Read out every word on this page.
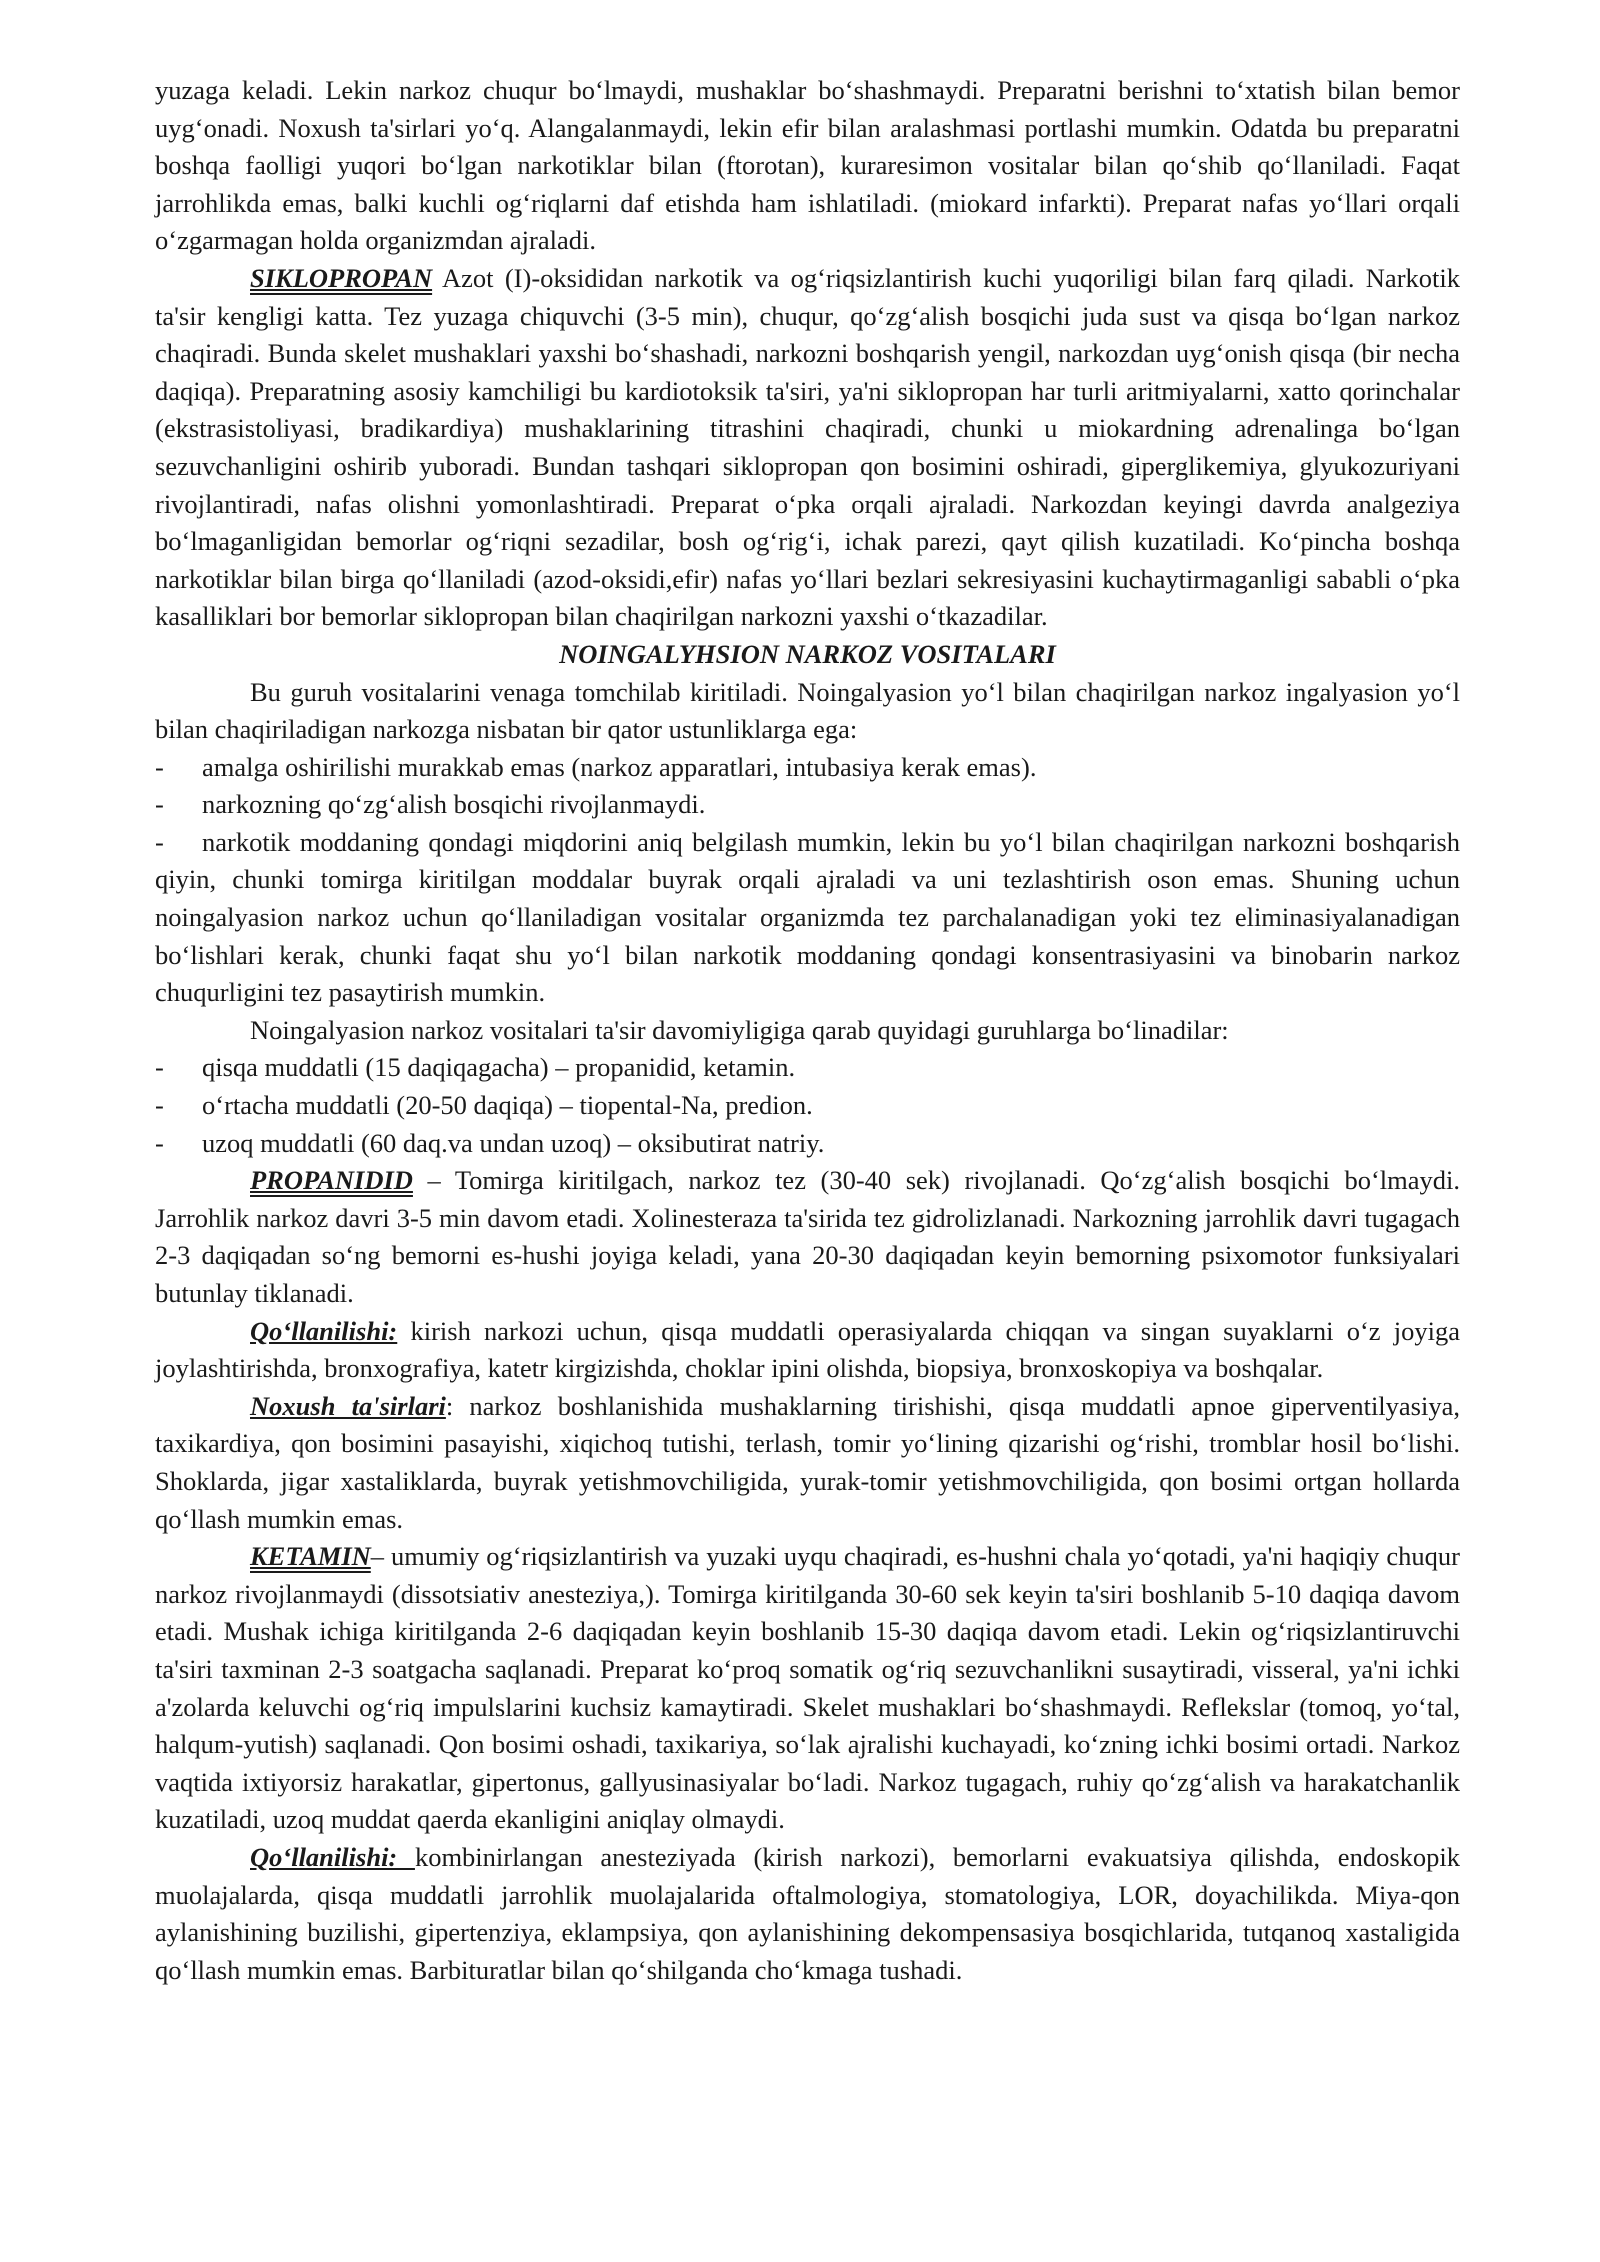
yuzaga keladi. Lekin narkoz chuqur bo‘lmaydi, mushaklar bo‘shashmaydi. Preparatni berishni to‘xtatish bilan bemor uyg‘onadi. Noxush ta'sirlari yo‘q. Alangalanmaydi, lekin efir bilan aralashmasi portlashi mumkin. Odatda bu preparatni boshqa faolligi yuqori bo‘lgan narkotiklar bilan (ftorotan), kuraresimon vositalar bilan qo‘shib qo‘llaniladi. Faqat jarrohlikda emas, balki kuchli og‘riqlarni daf etishda ham ishlatiladi. (miokard infarkti). Preparat nafas yo‘llari orqali o‘zgarmagan holda organizmdan ajraladi.

SIKLOPROPAN Azot (I)-oksididan narkotik va og‘riqsizlantirish kuchi yuqoriligi bilan farq qiladi. Narkotik ta'sir kengligi katta. Tez yuzaga chiquvchi (3-5 min), chuqur, qo‘zg‘alish bosqichi juda sust va qisqa bo‘lgan narkoz chaqiradi. Bunda skelet mushaklari yaxshi bo‘shashadi, narkozni boshqarish yengil, narkozdan uyg‘onish qisqa (bir necha daqiqa). Preparatning asosiy kamchiligi bu kardiotoksik ta'siri, ya'ni siklopropan har turli aritmiyalarni, xatto qorinchalar (ekstrasistoliyasi, bradikardiya) mushaklarining titrashini chaqiradi, chunki u miokardning adrenalinga bo‘lgan sezuvchanligini oshirib yuboradi. Bundan tashqari siklopropan qon bosimini oshiradi, giperglikemiya, glyukozuriyani rivojlantiradi, nafas olishni yomonlashtiradi. Preparat o‘pka orqali ajraladi. Narkozdan keyingi davrda analgeziya bo‘lmaganligidan bemorlar og‘riqni sezadilar, bosh og‘rig‘i, ichak parezi, qayt qilish kuzatiladi. Ko‘pincha boshqa narkotiklar bilan birga qo‘llaniladi (azod-oksidi,efir) nafas yo‘llari bezlari sekresiyasini kuchaytirmaganligi sababli o‘pka kasalliklari bor bemorlar siklopropan bilan chaqirilgan narkozni yaxshi o‘tkazadilar.

NOINGALYHSION NARKOZ VOSITALARI

Bu guruh vositalarini venaga tomchilab kiritiladi. Noingalyasion yo‘l bilan chaqirilgan narkoz ingalyasion yo‘l bilan chaqiriladigan narkozga nisbatan bir qator ustunliklarga ega:

- amalga oshirilishi murakkab emas (narkoz apparatlari, intubasiya kerak emas).

- narkozning qo‘zg‘alish bosqichi rivojlanmaydi.

- narkotik moddaning qondagi miqdorini aniq belgilash mumkin, lekin bu yo‘l bilan chaqirilgan narkozni boshqarish qiyin, chunki tomirga kiritilgan moddalar buyrak orqali ajraladi va uni tezlashtirish oson emas. Shuning uchun noingalyasion narkoz uchun qo‘llaniladigan vositalar organizmda tez parchalanadigan yoki tez eliminasiyalanadigan bo‘lishlari kerak, chunki faqat shu yo‘l bilan narkotik moddaning qondagi konsentrasiyasini va binobarin narkoz chuqurligini tez pasaytirish mumkin.

Noingalyasion narkoz vositalari ta'sir davomiyligiga qarab quyidagi guruhlarga bo‘linadilar:

- qisqa muddatli (15 daqiqagacha) – propanidid, ketamin.

- o‘rtacha muddatli (20-50 daqiqa) – tiopental-Na, predion.

- uzoq muddatli (60 daq.va undan uzoq) – oksibutirat natriy.

PROPANIDID – Tomirga kiritilgach, narkoz tez (30-40 sek) rivojlanadi. Qo‘zg‘alish bosqichi bo‘lmaydi. Jarrohlik narkoz davri 3-5 min davom etadi. Xolinesteraza ta'sirida tez gidrolizlanadi. Narkozning jarrohlik davri tugagach 2-3 daqiqadan so‘ng bemorni es-hushi joyiga keladi, yana 20-30 daqiqadan keyin bemorning psixomotor funksiyalari butunlay tiklanadi.

Qo‘llanilishi: kirish narkozi uchun, qisqa muddatli operasiyalarda chiqqan va singan suyaklarni o‘z joyiga joylashtirishda, bronxografiya, katetr kirgizishda, choklar ipini olishda, biopsiya, bronxoskopiya va boshqalar.

Noxush ta'sirlari: narkoz boshlanishida mushaklarning tirishishi, qisqa muddatli apnoe giperventilyasiya, taxikardiya, qon bosimini pasayishi, xiqichoq tutishi, terlash, tomir yo‘lining qizarishi og‘rishi, tromblar hosil bo‘lishi. Shoklarda, jigar xastaliklarda, buyrak yetishmovchiligida, yurak-tomir yetishmovchiligida, qon bosimi ortgan hollarda qo‘llash mumkin emas.

KETAMIN– umumiy og‘riqsizlantirish va yuzaki uyqu chaqiradi, es-hushni chala yo‘qotadi, ya'ni haqiqiy chuqur narkoz rivojlanmaydi (dissotsiativ anesteziya,). Tomirga kiritilganda 30-60 sek keyin ta'siri boshlanib 5-10 daqiqa davom etadi. Mushak ichiga kiritilganda 2-6 daqiqadan keyin boshlanib 15-30 daqiqa davom etadi. Lekin og‘riqsizlantiruvchi ta'siri taxminan 2-3 soatgacha saqlanadi. Preparat ko‘proq somatik og‘riq sezuvchanlikni susaytiradi, visseral, ya'ni ichki a'zolarda keluvchi og‘riq impulslarini kuchsiz kamaytiradi. Skelet mushaklari bo‘shashmaydi. Reflekslar (tomoq, yo‘tal, halqum-yutish) saqlanadi. Qon bosimi oshadi, taxikariya, so‘lak ajralishi kuchayadi, ko‘zning ichki bosimi ortadi. Narkoz vaqtida ixtiyorsiz harakatlar, gipertonus, gallyusinasiyalar bo‘ladi. Narkoz tugagach, ruhiy qo‘zg‘alish va harakatchanlik kuzatiladi, uzoq muddat qaerda ekanligini aniqlay olmaydi.

Qo‘llanilishi: kombinirlangan anesteziyada (kirish narkozi), bemorlarni evakuatsiya qilishda, endoskopik muolajalarda, qisqa muddatli jarrohlik muolajalarida oftalmologiya, stomatologiya, LOR, doyachilikda. Miya-qon aylanishining buzilishi, gipertenziya, eklampsiya, qon aylanishining dekompensasiya bosqichlarida, tutqanoq xastaligida qo‘llash mumkin emas. Barbituratlar bilan qo‘shilganda cho‘kmaga tushadi.
